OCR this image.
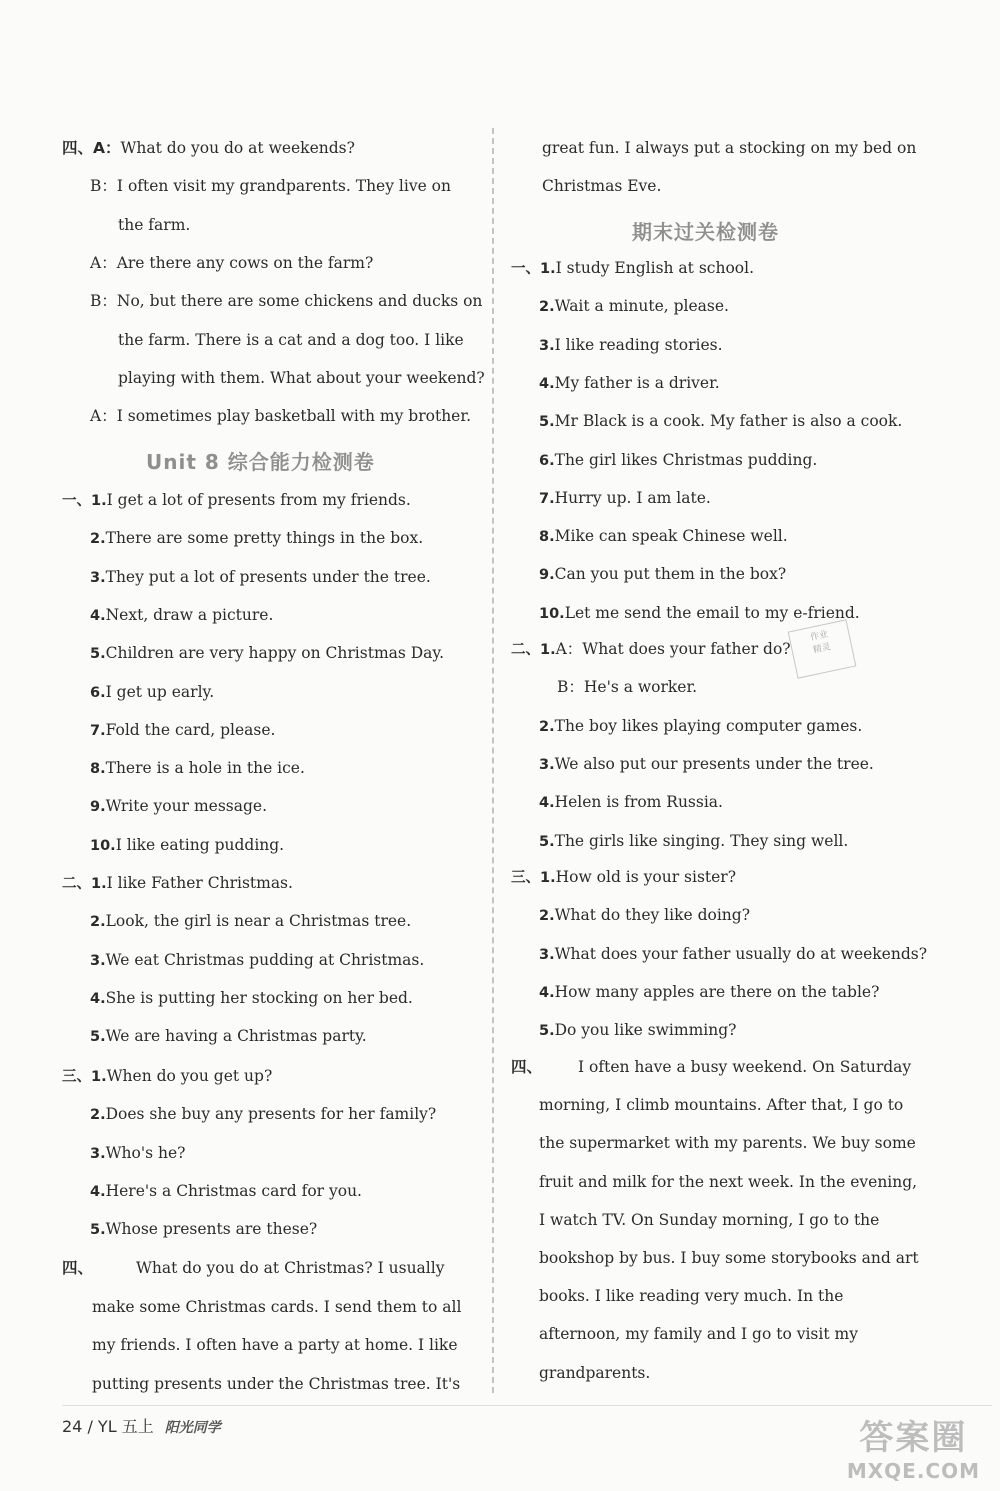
四、A：What do you do at weekends?
B：I often visit my grandparents. They live on
the farm.
A：Are there any cows on the farm?
B：No, but there are some chickens and ducks on
the farm. There is a cat and a dog too. I like
playing with them. What about your weekend?
A：I sometimes play basketball with my brother.
Unit 8 综合能力检测卷
一、1.I get a lot of presents from my friends.
2.There are some pretty things in the box.
3.They put a lot of presents under the tree.
4.Next, draw a picture.
5.Children are very happy on Christmas Day.
6.I get up early.
7.Fold the card, please.
8.There is a hole in the ice.
9.Write your message.
10.I like eating pudding.
二、1.I like Father Christmas.
2.Look, the girl is near a Christmas tree.
3.We eat Christmas pudding at Christmas.
4.She is putting her stocking on her bed.
5.We are having a Christmas party.
三、1.When do you get up?
2.Does she buy any presents for her family?
3.Who's he?
4.Here's a Christmas card for you.
5.Whose presents are these?
四、	What do you do at Christmas? I usually
make some Christmas cards. I send them to all
my friends. I often have a party at home. I like
putting presents under the Christmas tree. It's
great fun. I always put a stocking on my bed on
Christmas Eve.
期末过关检测卷
一、1.I study English at school.
2.Wait a minute, please.
3.I like reading stories.
4.My father is a driver.
5.Mr Black is a cook. My father is also a cook.
6.The girl likes Christmas pudding.
7.Hurry up. I am late.
8.Mike can speak Chinese well.
9.Can you put them in the box?
10.Let me send the email to my e-friend.
二、1.A：What does your father do?
B：He's a worker.
2.The boy likes playing computer games.
3.We also put our presents under the tree.
4.Helen is from Russia.
5.The girls like singing. They sing well.
三、1.How old is your sister?
2.What do they like doing?
3.What does your father usually do at weekends?
4.How many apples are there on the table?
5.Do you like swimming?
四、 I often have a busy weekend. On Saturday
morning, I climb mountains. After that, I go to
the supermarket with my parents. We buy some
fruit and milk for the next week. In the evening,
I watch TV. On Sunday morning, I go to the
bookshop by bus. I buy some storybooks and art
books. I like reading very much. In the
afternoon, my family and I go to visit my
grandparents.
作业
精灵
24 / YL 五上 阳光同学	答案圈
MXQE.COM
